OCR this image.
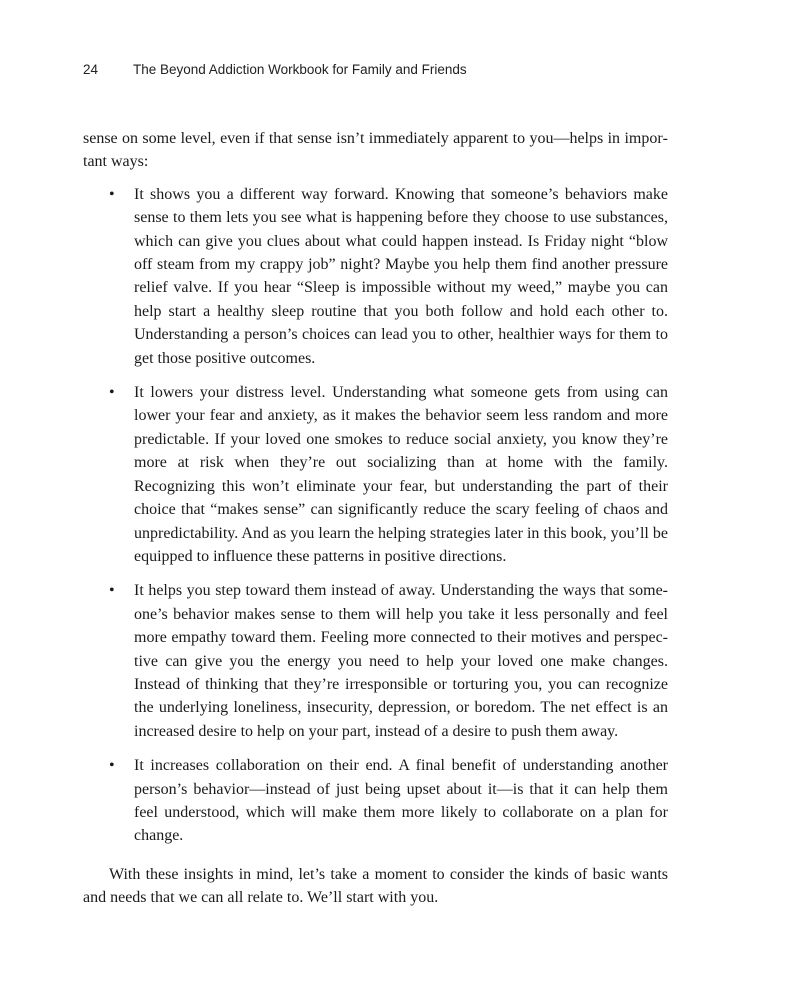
24	The Beyond Addiction Workbook for Family and Friends

sense on some level, even if that sense isn’t immediately apparent to you—helps in important ways:

• It shows you a different way forward. Knowing that someone’s behaviors make sense to them lets you see what is happening before they choose to use substances, which can give you clues about what could happen instead. Is Friday night “blow off steam from my crappy job” night? Maybe you help them find another pressure relief valve. If you hear “Sleep is impossible without my weed,” maybe you can help start a healthy sleep routine that you both follow and hold each other to. Understanding a person’s choices can lead you to other, healthier ways for them to get those positive outcomes.
• It lowers your distress level. Understanding what someone gets from using can lower your fear and anxiety, as it makes the behavior seem less random and more predictable. If your loved one smokes to reduce social anxiety, you know they’re more at risk when they’re out socializing than at home with the family. Recognizing this won’t eliminate your fear, but understanding the part of their choice that “makes sense” can significantly reduce the scary feeling of chaos and unpredictability. And as you learn the helping strategies later in this book, you’ll be equipped to influence these patterns in positive directions.
• It helps you step toward them instead of away. Understanding the ways that someone’s behavior makes sense to them will help you take it less personally and feel more empathy toward them. Feeling more connected to their motives and perspective can give you the energy you need to help your loved one make changes. Instead of thinking that they’re irresponsible or torturing you, you can recognize the underlying loneliness, insecurity, depression, or boredom. The net effect is an increased desire to help on your part, instead of a desire to push them away.
• It increases collaboration on their end. A final benefit of understanding another person’s behavior—instead of just being upset about it—is that it can help them feel understood, which will make them more likely to collaborate on a plan for change.

With these insights in mind, let’s take a moment to consider the kinds of basic wants and needs that we can all relate to. We’ll start with you.
